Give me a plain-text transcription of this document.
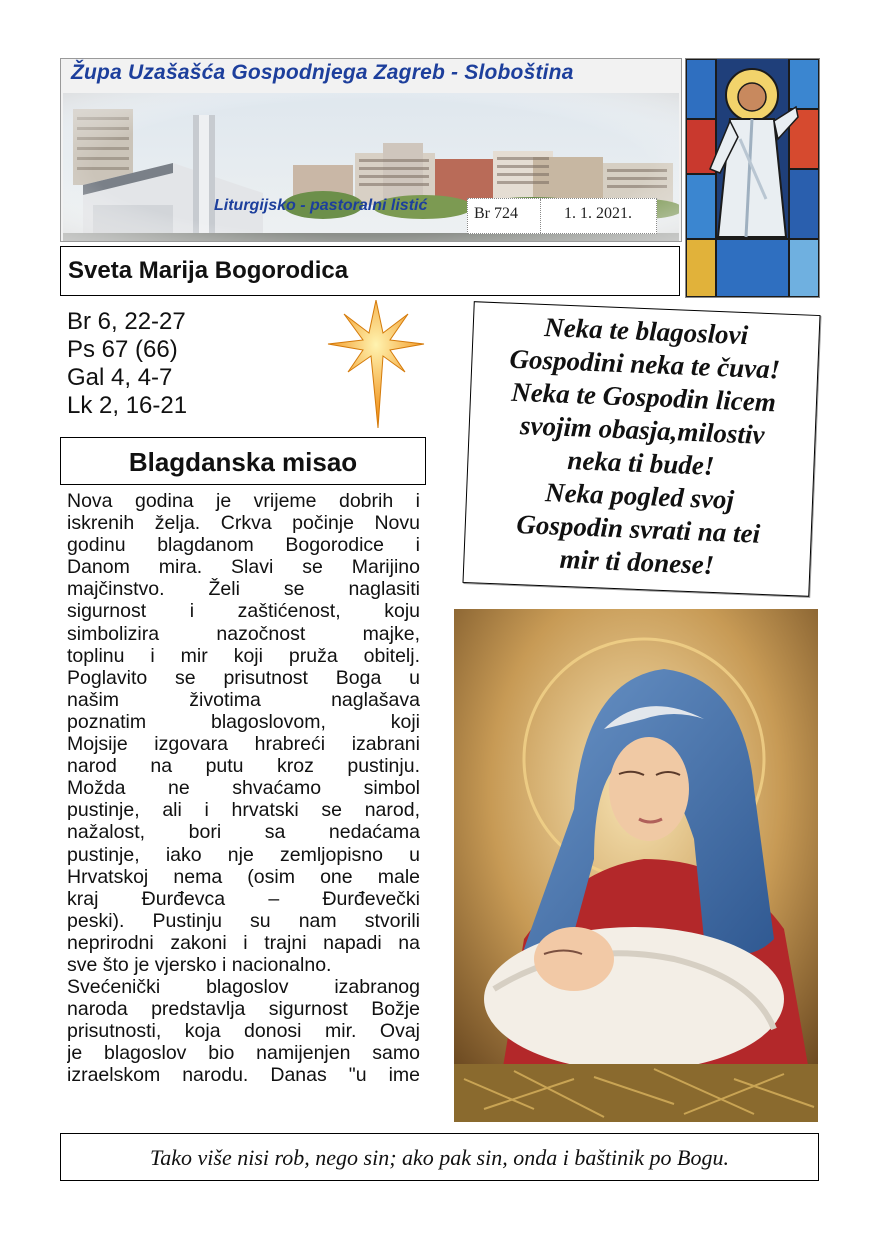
Župa Uzašašća Gospodnjega Zagreb - Sloboština
Liturgijsko - pastoralni listić	Br 724	1. 1. 2021.
Sveta Marija Bogorodica
Br 6, 22-27
Ps 67 (66)
Gal 4, 4-7
Lk 2, 16-21
Neka te blagoslovi
Gospodini neka te čuva!
Neka te Gospodin licem
svojim obasja,milostiv
neka ti bude!
Neka pogled svoj
Gospodin svrati na tei
mir ti donese!
Blagdanska misao
Nova godina je vrijeme dobrih i
iskrenih želja. Crkva počinje Novu
godinu blagdanom Bogorodice i
Danom mira. Slavi se Marijino
majčinstvo. Želi se naglasiti
sigurnost i zaštićenost, koju
simbolizira nazočnost majke,
toplinu i mir koji pruža obitelj.
Poglavito se prisutnost Boga u
našim životima naglašava
poznatim blagoslovom, koji
Mojsije izgovara hrabreći izabrani
narod na putu kroz pustinju.
Možda ne shvaćamo simbol
pustinje, ali i hrvatski se narod,
nažalost, bori sa nedaćama
pustinje, iako nje zemljopisno u
Hrvatskoj nema (osim one male
kraj Đurđevca – Đurđevečki
peski). Pustinju su nam stvorili
neprirodni zakoni i trajni napadi na
sve što je vjersko i nacionalno.
Svećenički blagoslov izabranog
naroda predstavlja sigurnost Božje
prisutnosti, koja donosi mir. Ovaj
je blagoslov bio namijenjen samo
izraelskom narodu. Danas "u ime
Tako više nisi rob, nego sin; ako pak sin, onda i baštinik po Bogu.
